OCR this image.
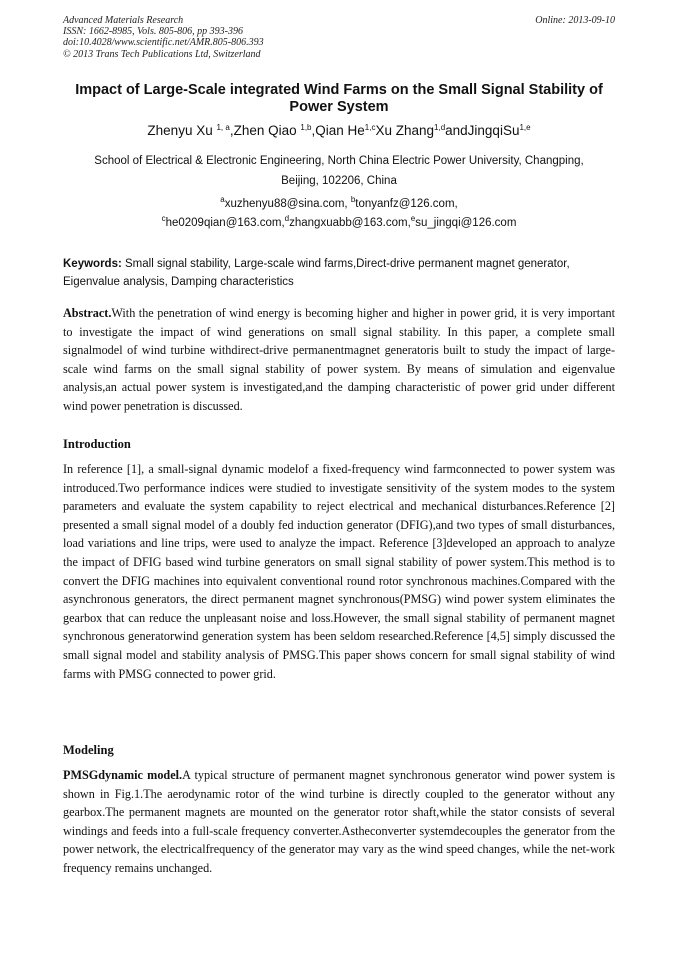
Advanced Materials Research
ISSN: 1662-8985, Vols. 805-806, pp 393-396
doi:10.4028/www.scientific.net/AMR.805-806.393
© 2013 Trans Tech Publications Ltd, Switzerland
Online: 2013-09-10
Impact of Large-Scale integrated Wind Farms on the Small Signal Stability of Power System
Zhenyu Xu $^{1, a}$,Zhen Qiao $^{1,b}$,Qian He$^{1,c}$Xu Zhang$^{1,d}$andJingqiSu$^{1,e}$
School of Electrical & Electronic Engineering, North China Electric Power University, Changping,
Beijing, 102206, China
$^a$xuzhenyu88@sina.com, $^b$tonyanfz@126.com,
$^c$he0209qian@163.com,$^d$zhangxuabb@163.com,$^e$su_jingqi@126.com
Keywords: Small signal stability, Large-scale wind farms,Direct-drive permanent magnet generator, Eigenvalue analysis, Damping characteristics

Abstract.With the penetration of wind energy is becoming higher and higher in power grid, it is very important to investigate the impact of wind generations on small signal stability. In this paper, a complete small signalmodel of wind turbine withdirect-drive permanentmagnet generatoris built to study the impact of large-scale wind farms on the small signal stability of power system. By means of simulation and eigenvalue analysis,an actual power system is investigated,and the damping characteristic of power grid under different wind power penetration is discussed.

Introduction

In reference [1], a small-signal dynamic modelof a fixed-frequency wind farmconnected to power system was introduced.Two performance indices were studied to investigate sensitivity of the system modes to the system parameters and evaluate the system capability to reject electrical and mechanical disturbances.Reference [2] presented a small signal model of a doubly fed induction generator (DFIG),and two types of small disturbances, load variations and line trips, were used to analyze the impact. Reference [3]developed an approach to analyze the impact of DFIG based wind turbine generators on small signal stability of power system.This method is to convert the DFIG machines into equivalent conventional round rotor synchronous machines.Compared with the asynchronous generators, the direct permanent magnet synchronous(PMSG) wind power system eliminates the gearbox that can reduce the unpleasant noise and loss.However, the small signal stability of permanent magnet synchronous generatorwind generation system has been seldom researched.Reference [4,5] simply discussed the small signal model and stability analysis of PMSG.This paper shows concern for small signal stability of wind farms with PMSG connected to power grid.

Modeling

PMSGdynamic model.A typical structure of permanent magnet synchronous generator wind power system is shown in Fig.1.The aerodynamic rotor of the wind turbine is directly coupled to the generator without any gearbox.The permanent magnets are mounted on the generator rotor shaft,while the stator consists of several windings and feeds into a full-scale frequency converter.Astheconverter systemdecouples the generator from the power network, the electricalfrequency of the generator may vary as the wind speed changes, while the net-work frequency remains unchanged.
